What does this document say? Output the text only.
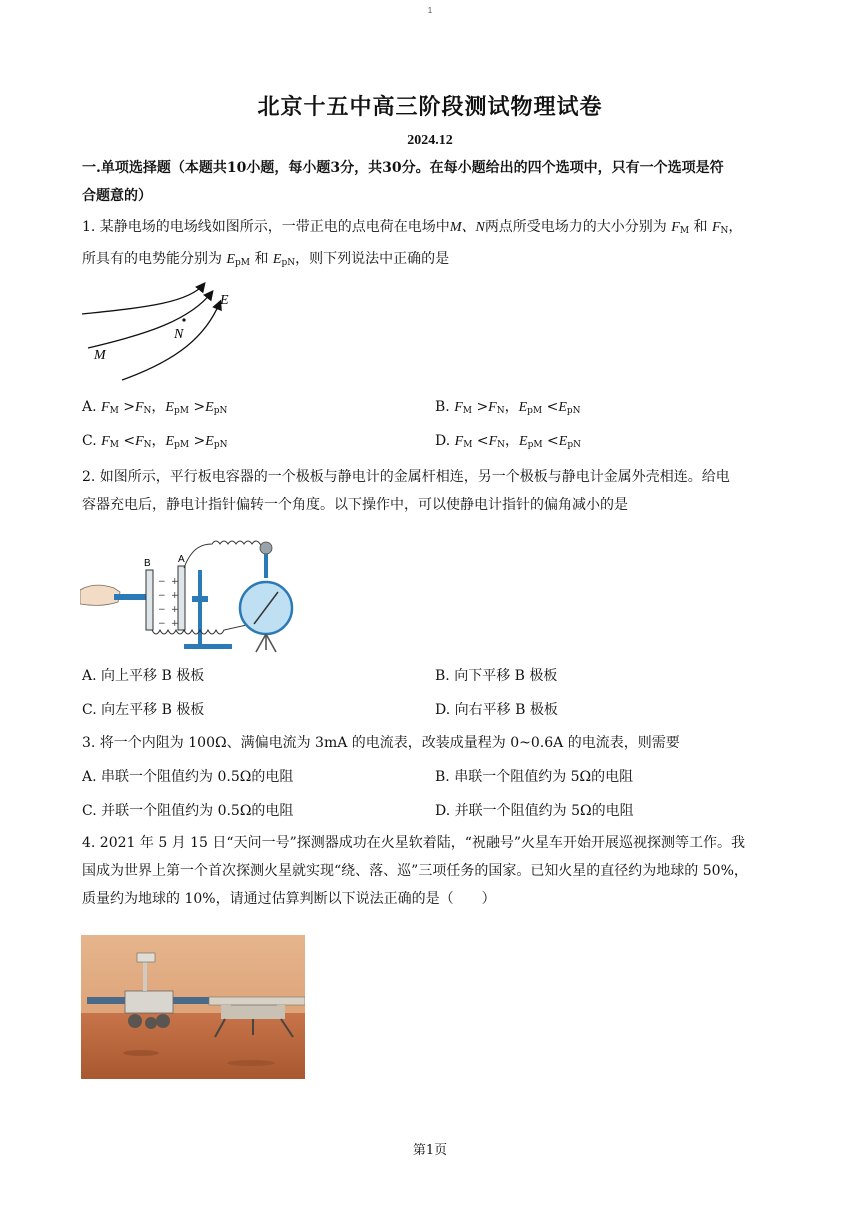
1
北京十五中高三阶段测试物理试卷
2024.12
一.单项选择题（本题共10小题，每小题3分，共30分。在每小题给出的四个选项中，只有一个选项是符
合题意的）
1. 某静电场的电场线如图所示，一带正电的点电荷在电场中M、N两点所受电场力的大小分别为 $F_M$ 和 $F_N$，
所具有的电势能分别为 $E_{pM}$ 和 $E_{pN}$，则下列说法中正确的是
E
N
M
A. $F_M >F_N$，$E_{pM} >E_{pN}$	B. $F_M >F_N$，$E_{pM} <E_{pN}$
C. $F_M <F_N$，$E_{pM} >E_{pN}$	D. $F_M <F_N$，$E_{pM} <E_{pN}$
2. 如图所示，平行板电容器的一个极板与静电计的金属杆相连，另一个极板与静电计金属外壳相连。给电
容器充电后，静电计指针偏转一个角度。以下操作中，可以使静电计指针的偏角减小的是
B
−
−
−
−
A
+
+
+
+
A. 向上平移 B 极板	B. 向下平移 B 极板
C. 向左平移 B 极板	D. 向右平移 B 极板
3. 将一个内阻为 100Ω、满偏电流为 3mA 的电流表，改装成量程为 0~0.6A 的电流表，则需要
A. 串联一个阻值约为 0.5Ω的电阻	B. 串联一个阻值约为 5Ω的电阻
C. 并联一个阻值约为 0.5Ω的电阻	D. 并联一个阻值约为 5Ω的电阻
4. 2021 年 5 月 15 日“天问一号”探测器成功在火星软着陆，“祝融号”火星车开始开展巡视探测等工作。我
国成为世界上第一个首次探测火星就实现“绕、落、巡”三项任务的国家。已知火星的直径约为地球的 50%，
质量约为地球的 10%，请通过估算判断以下说法正确的是（　　）
第1页
